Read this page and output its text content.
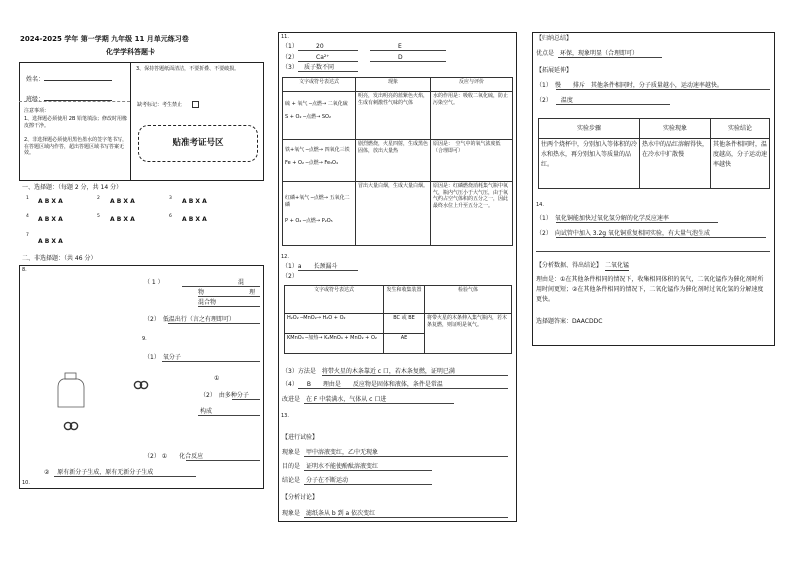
2024-2025 学年 第一学期 九年级 11 月单元练习卷
化学学科答题卡
姓名：
班级：
注意事项：
1、选择题必须使用 2B 铅笔填涂；修改时用橡皮擦干净。
2、非选择题必须使用黑色墨水的签字笔书写，在答题区域内作答，超出答题区域书写答案无效。
3、保持答题纸面清洁，不要折叠、不要破损。
缺考标记：考生禁止　　
贴准考证号区
一、选择题：（每题 2 分，共 14 分）
1 A B X A	2 A B X A	3 A B X A
4 A B X A	5 A B X A	6 A B X A
7
A B X A
二、非选择题：（共 46 分）
8.
（ 1 ）	混
物	理
混合物
（2）　低温出行（言之有理即可）
9.
（1）　氧分子
①
（2）　由多种分子
构成
（2） ①　　化合反应
②　 原有新分子生成，原有无新分子生成
10.
11.
（1）	20	E
（2）	Ca²⁺	D
（3） 质子数不同
文字或符号表达式	现象	反应与评价

硫 + 氧气 ─点燃→ 二氧化硫
S + O₂ ─点燃→ SO₂	明亮，发出明亮的蓝紫色火焰，生成有刺激性气味的气体	水的作用是：吸收二氧化硫，防止污染空气。

铁+氧气 ─点燃→ 四氧化三铁
Fe + O₂ ─点燃→ Fe₃O₄	剧烈燃烧，火星四射，生成黑色固体，放出大量热	原因是：　空气中的氧气浓度低　（合理即可）

红磷+氧气 ─点燃→ 五氧化二磷
P + O₂ ─点燃→ P₂O₅	冒出大量白烟，生成大量白烟。	原因是：红磷燃烧消耗集气瓶中氧气，瓶内气压小于大气压，由于氧气约占空气体积的五分之一，因此最终水位上升至五分之一。
12.
（1）a　　长颈漏斗
（2）
文字或符号表达式	发生和收集装置	检验气体
H₂O₂ ─MnO₂→ H₂O + O₂	BC 或 BE	将带火星的木条伸入集气瓶内，若木条复燃，则证明是氧气。
KMnO₄ ─加热→ K₂MnO₄ + MnO₂ + O₂	AE	
（3）方法是　将带火星的木条靠近 c 口，若木条复燃，证明已满
（4）　　B　　理由是　　反应物是固体和液体，条件是常温
改进是　在 F 中装满水，气体从 c 口进
13.
【进行试验】
现象是　甲中溶液变红，乙中无现象
目的是　证明水不能使酚酞溶液变红
结论是　分子在不断运动
【分析讨论】
现象是　滤纸条从 b 到 a 依次变红
【归纳总结】
优点是　环保，现象明显（合理即可）
【拓展延伸】
（1）　慢　　排斥　其他条件相同时，分子质量越小，运动速率越快。
（2）　　温度
实验步骤	实验现象	实验结论
往两个烧杯中，分别加入等体积的冷水和热水，再分别加入等质量的品红。	热水中的品红溶解得快，在冷水中扩散慢	其他条件相同时，温度越高，分子运动速率越快
14.
（1）　氧化铜能加快过氧化氢分解的化学反应速率
（2）　向试管中加入 3.2g 氧化铜重复相同实验，有大量气泡生成
【分析数据、得出结论】　 二氧化锰
理由是：①在其他条件相同的情况下，收集相同体积的氧气，二氧化锰作为催化剂时所用时间更短；②在其他条件相同的情况下，二氧化锰作为催化剂时过氧化氢的分解速度更快。
选择题答案：DAACDDC
